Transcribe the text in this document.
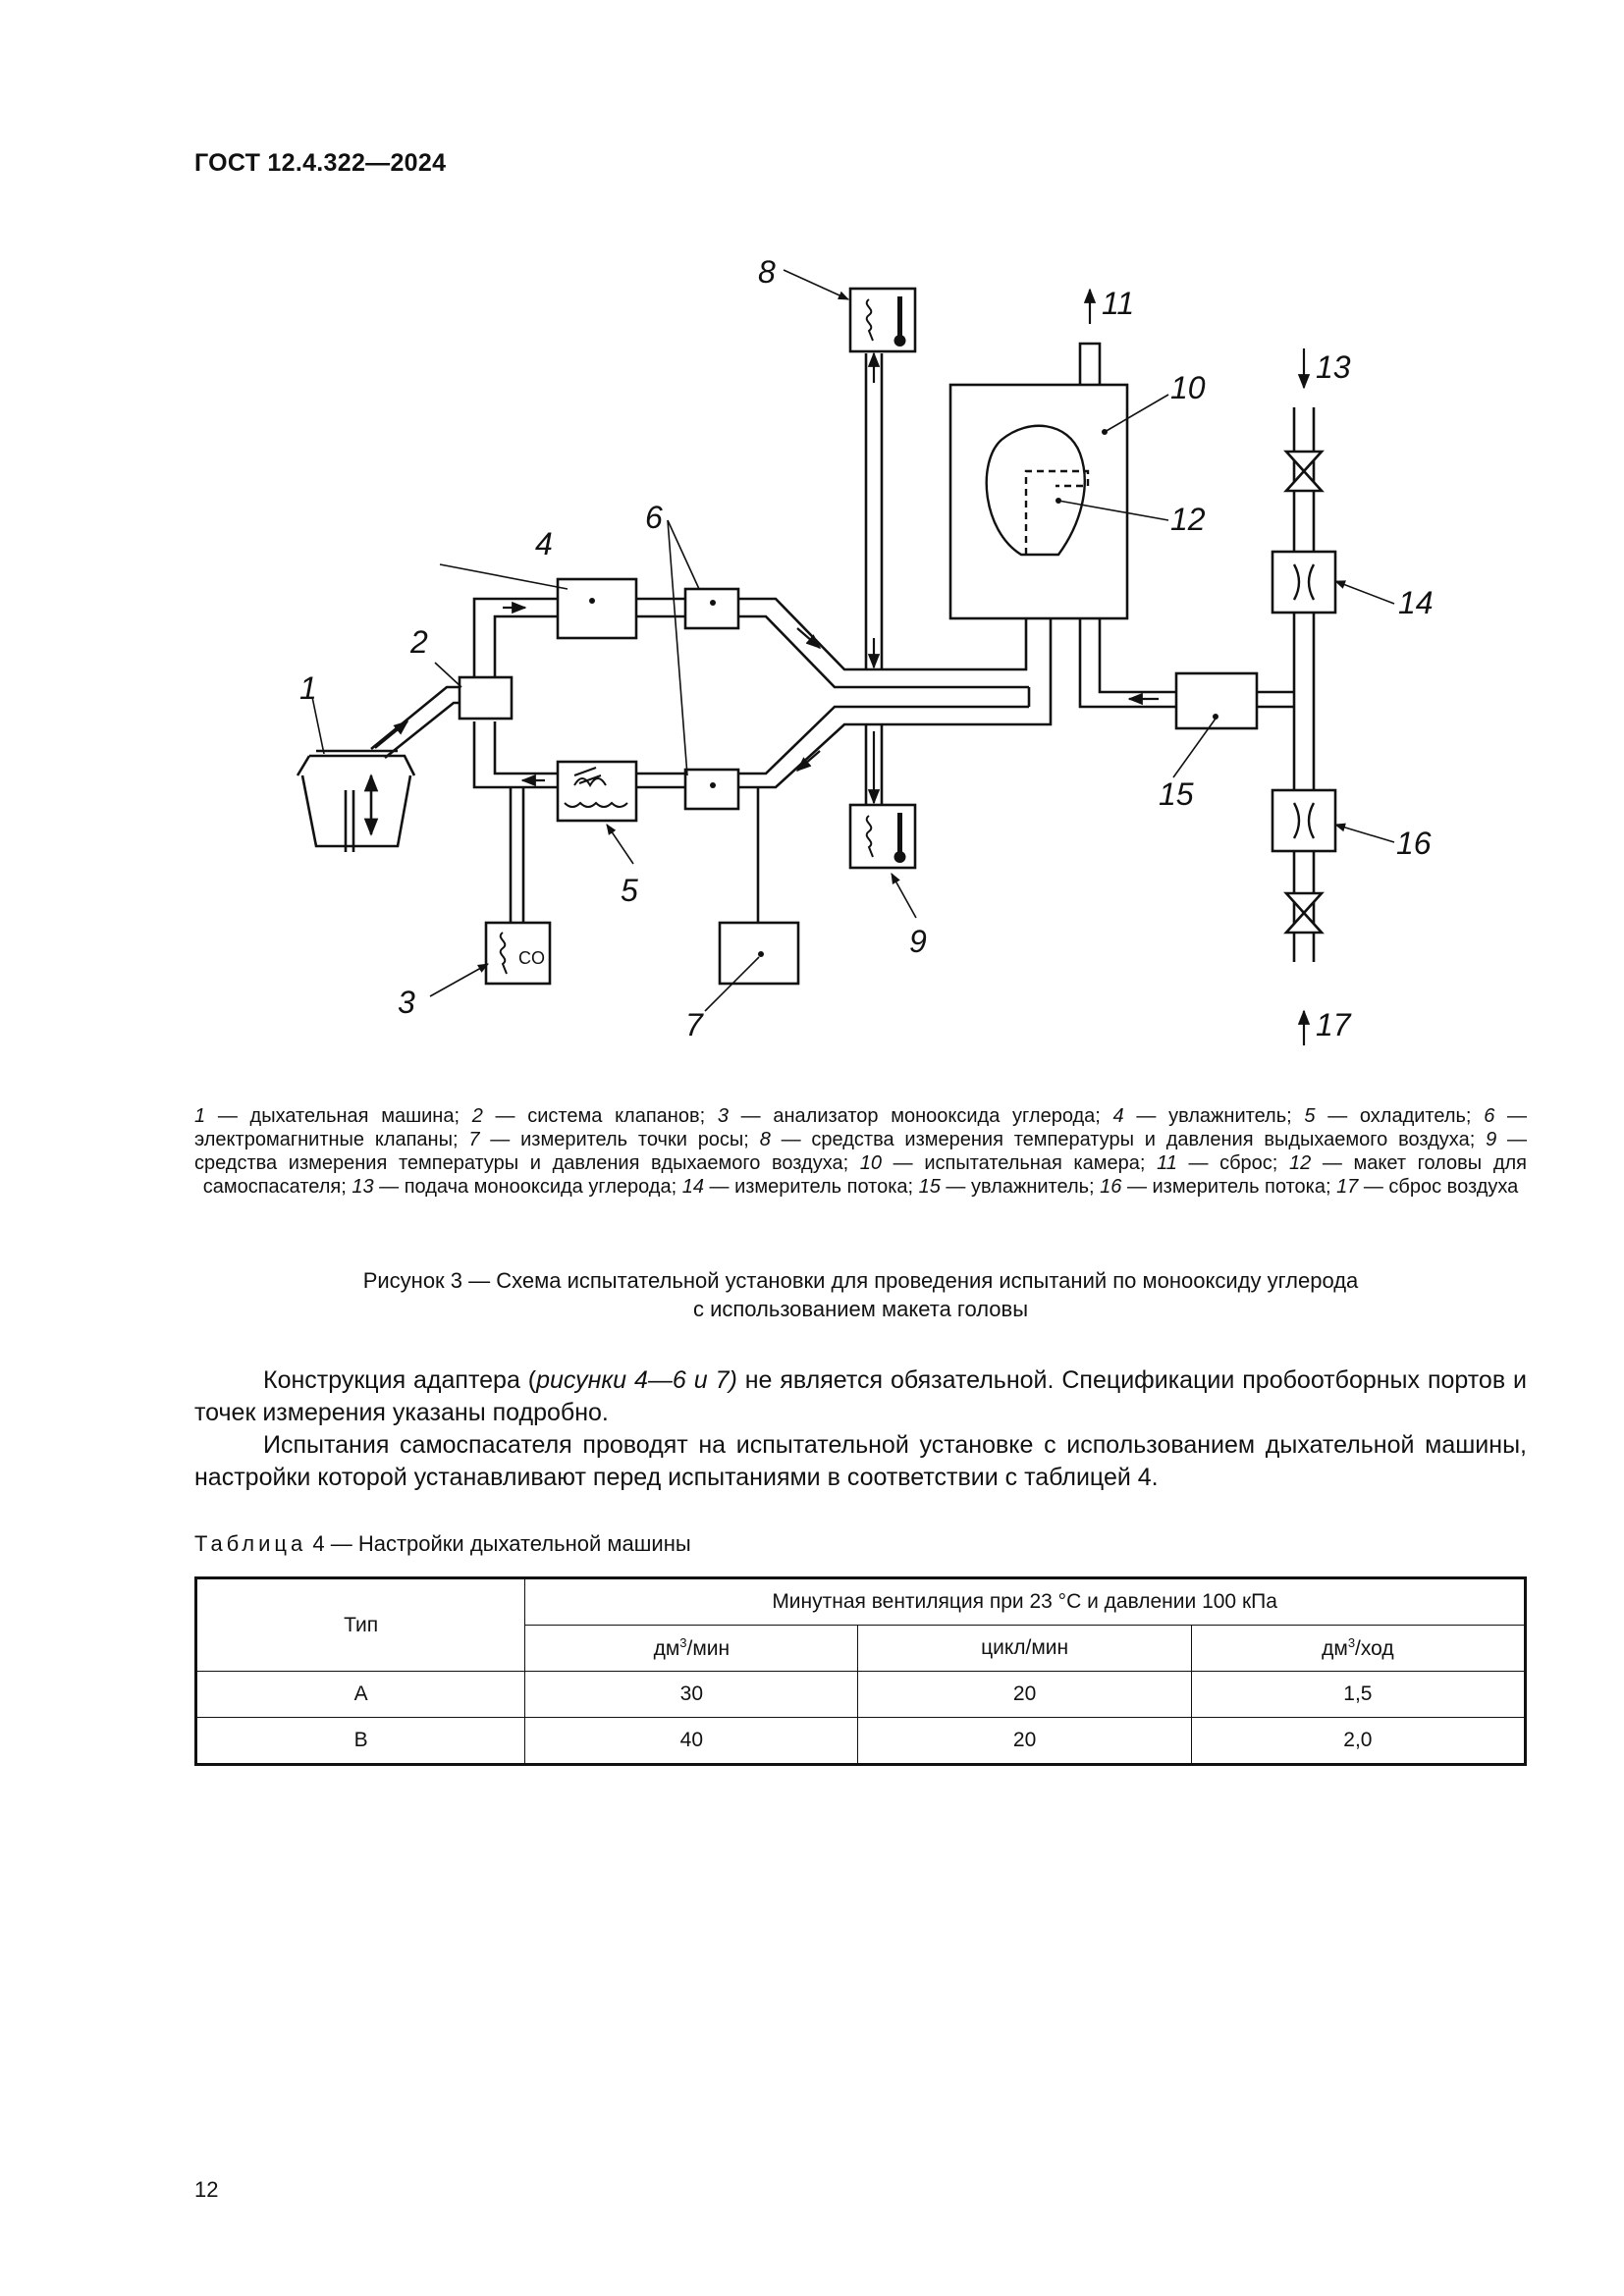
ГОСТ 12.4.322—2024
8
11
13
10
12
6
4
14
2
1
15
16
5
9
3
7	17
CO
1 — дыхательная машина; 2 — система клапанов; 3 — анализатор монооксида углерода; 4 — увлажнитель; 5 — охладитель; 6 — электромагнитные клапаны; 7 — измеритель точки росы; 8 — средства измерения температуры и давления выдыхаемого воздуха; 9 — средства измерения температуры и давления вдыхаемого воздуха; 10 — испытательная камера; 11 — сброс; 12 — макет головы для самоспасателя; 13 — подача монооксида углерода; 14 — измеритель потока; 15 — увлажнитель; 16 — измеритель потока; 17 — сброс воздуха
Рисунок 3 — Схема испытательной установки для проведения испытаний по монооксиду углерода
с использованием макета головы
Конструкция адаптера (рисунки 4—6 и 7) не является обязательной. Спецификации пробоотборных портов и точек измерения указаны подробно.
Испытания самоспасателя проводят на испытательной установке с использованием дыхательной машины, настройки которой устанавливают перед испытаниями в соответствии с таблицей 4.
Таблица 4 — Настройки дыхательной машины
Тип	Минутная вентиляция при 23 °С и давлении 100 кПа		
	$дм^3$/мин	цикл/мин	$дм^3$/ход
А	30	20	1,5
В	40	20	2,0
12
